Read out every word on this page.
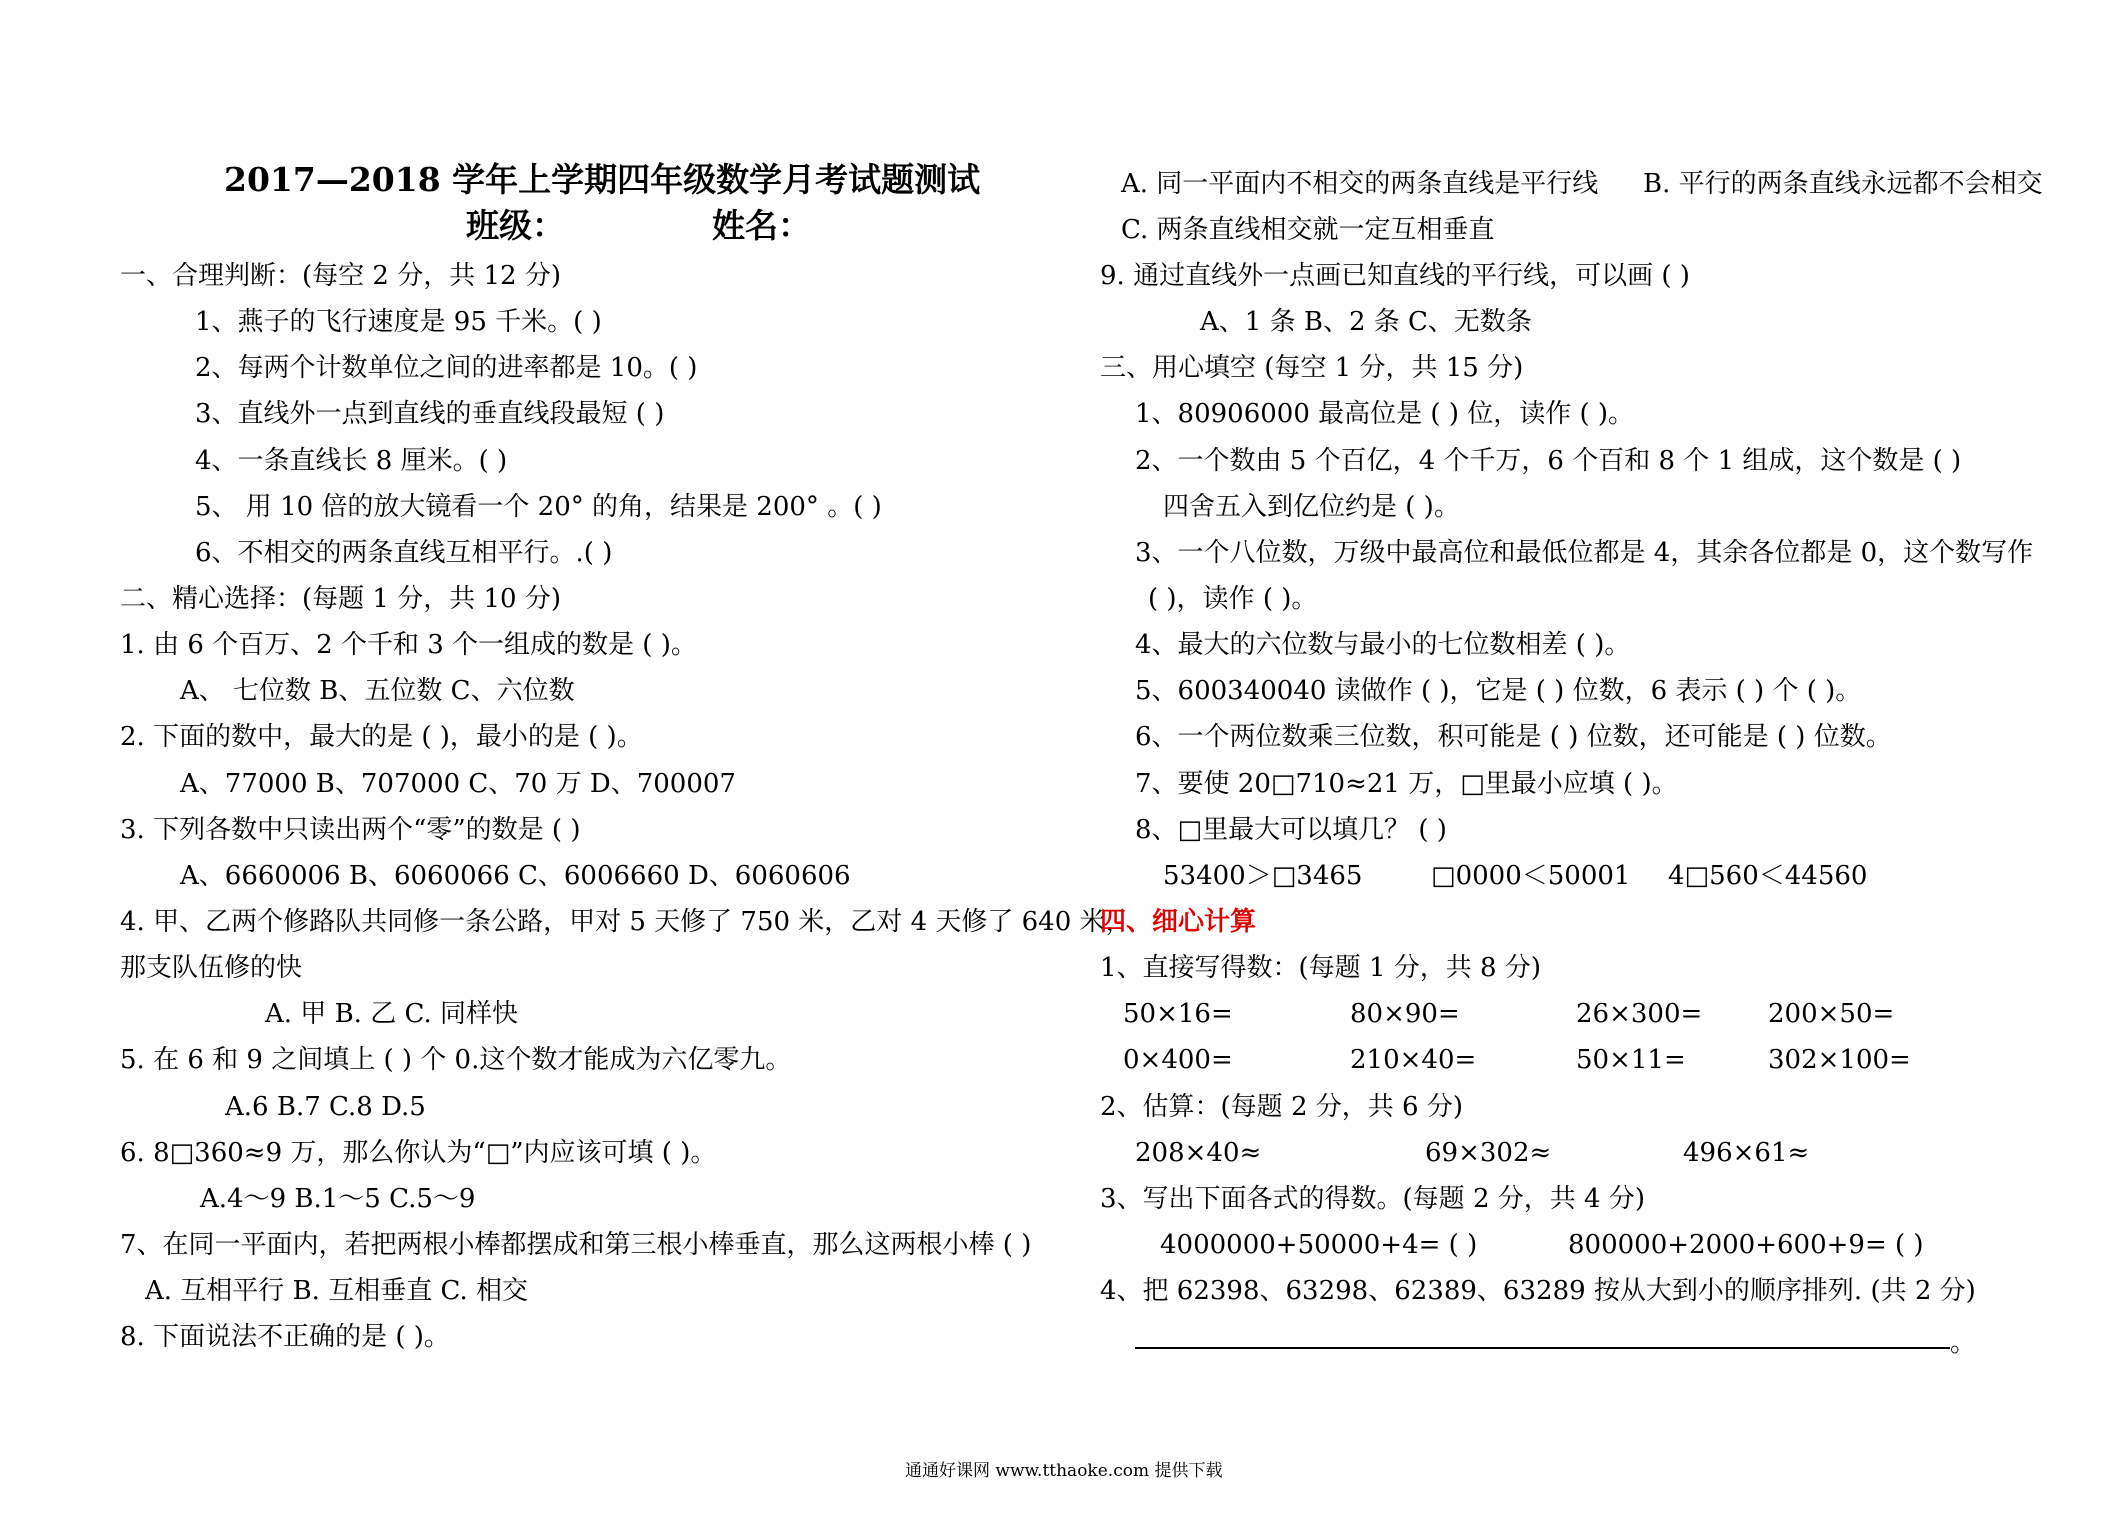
2017—2018 学年上学期四年级数学月考试题测试
班级：	姓名：
一、合理判断：(每空 2 分，共 12 分)
1、燕子的飞行速度是 95 千米。( )
2、每两个计数单位之间的进率都是 10。( )
3、直线外一点到直线的垂直线段最短 ( )
4、一条直线长 8 厘米。( )
5、 用 10 倍的放大镜看一个 20° 的角，结果是 200° 。( )
6、不相交的两条直线互相平行。.( )
二、精心选择：(每题 1 分，共 10 分)
1. 由 6 个百万、2 个千和 3 个一组成的数是 ( )。
A、 七位数 B、五位数 C、六位数
2. 下面的数中，最大的是 ( )，最小的是 ( )。
A、77000 B、707000 C、70 万 D、700007
3. 下列各数中只读出两个“零”的数是 ( )
A、6660006 B、6060066 C、6006660 D、6060606
4. 甲、乙两个修路队共同修一条公路，甲对 5 天修了 750 米，乙对 4 天修了 640 米，
那支队伍修的快
A. 甲 B. 乙 C. 同样快
5. 在 6 和 9 之间填上 ( ) 个 0.这个数才能成为六亿零九。
A.6 B.7 C.8 D.5
6. 8□360≈9 万，那么你认为“□”内应该可填 ( )。
A.4～9 B.1～5 C.5～9
7、在同一平面内，若把两根小棒都摆成和第三根小棒垂直，那么这两根小棒 ( )
A. 互相平行 B. 互相垂直 C. 相交
8. 下面说法不正确的是 ( )。
A. 同一平面内不相交的两条直线是平行线 B. 平行的两条直线永远都不会相交
C. 两条直线相交就一定互相垂直
9. 通过直线外一点画已知直线的平行线，可以画 ( )
A、1 条 B、2 条 C、无数条
三、用心填空 (每空 1 分，共 15 分)
1、80906000 最高位是 ( ) 位，读作 ( )。
2、一个数由 5 个百亿，4 个千万，6 个百和 8 个 1 组成，这个数是 ( )
四舍五入到亿位约是 ( )。
3、一个八位数，万级中最高位和最低位都是 4，其余各位都是 0，这个数写作
( )，读作 ( )。
4、最大的六位数与最小的七位数相差 ( )。
5、600340040 读做作 ( )，它是 ( ) 位数，6 表示 ( ) 个 ( )。
6、一个两位数乘三位数，积可能是 ( ) 位数，还可能是 ( ) 位数。
7、要使 20□710≈21 万，□里最小应填 ( )。
8、□里最大可以填几？ ( )
53400＞□3465	□0000＜50001 4□560＜44560
四、细心计算
1、直接写得数：(每题 1 分，共 8 分)
50×16=	80×90=	26×300=	200×50=
0×400=	210×40=	50×11=	302×100=
2、估算：(每题 2 分，共 6 分)
208×40≈	69×302≈	496×61≈
3、写出下面各式的得数。(每题 2 分，共 4 分)
4000000+50000+4= ( )	800000+2000+600+9= ( )
4、把 62398、63298、62389、63289 按从大到小的顺序排列. (共 2 分)
。
通通好课网 www.tthaoke.com 提供下载
